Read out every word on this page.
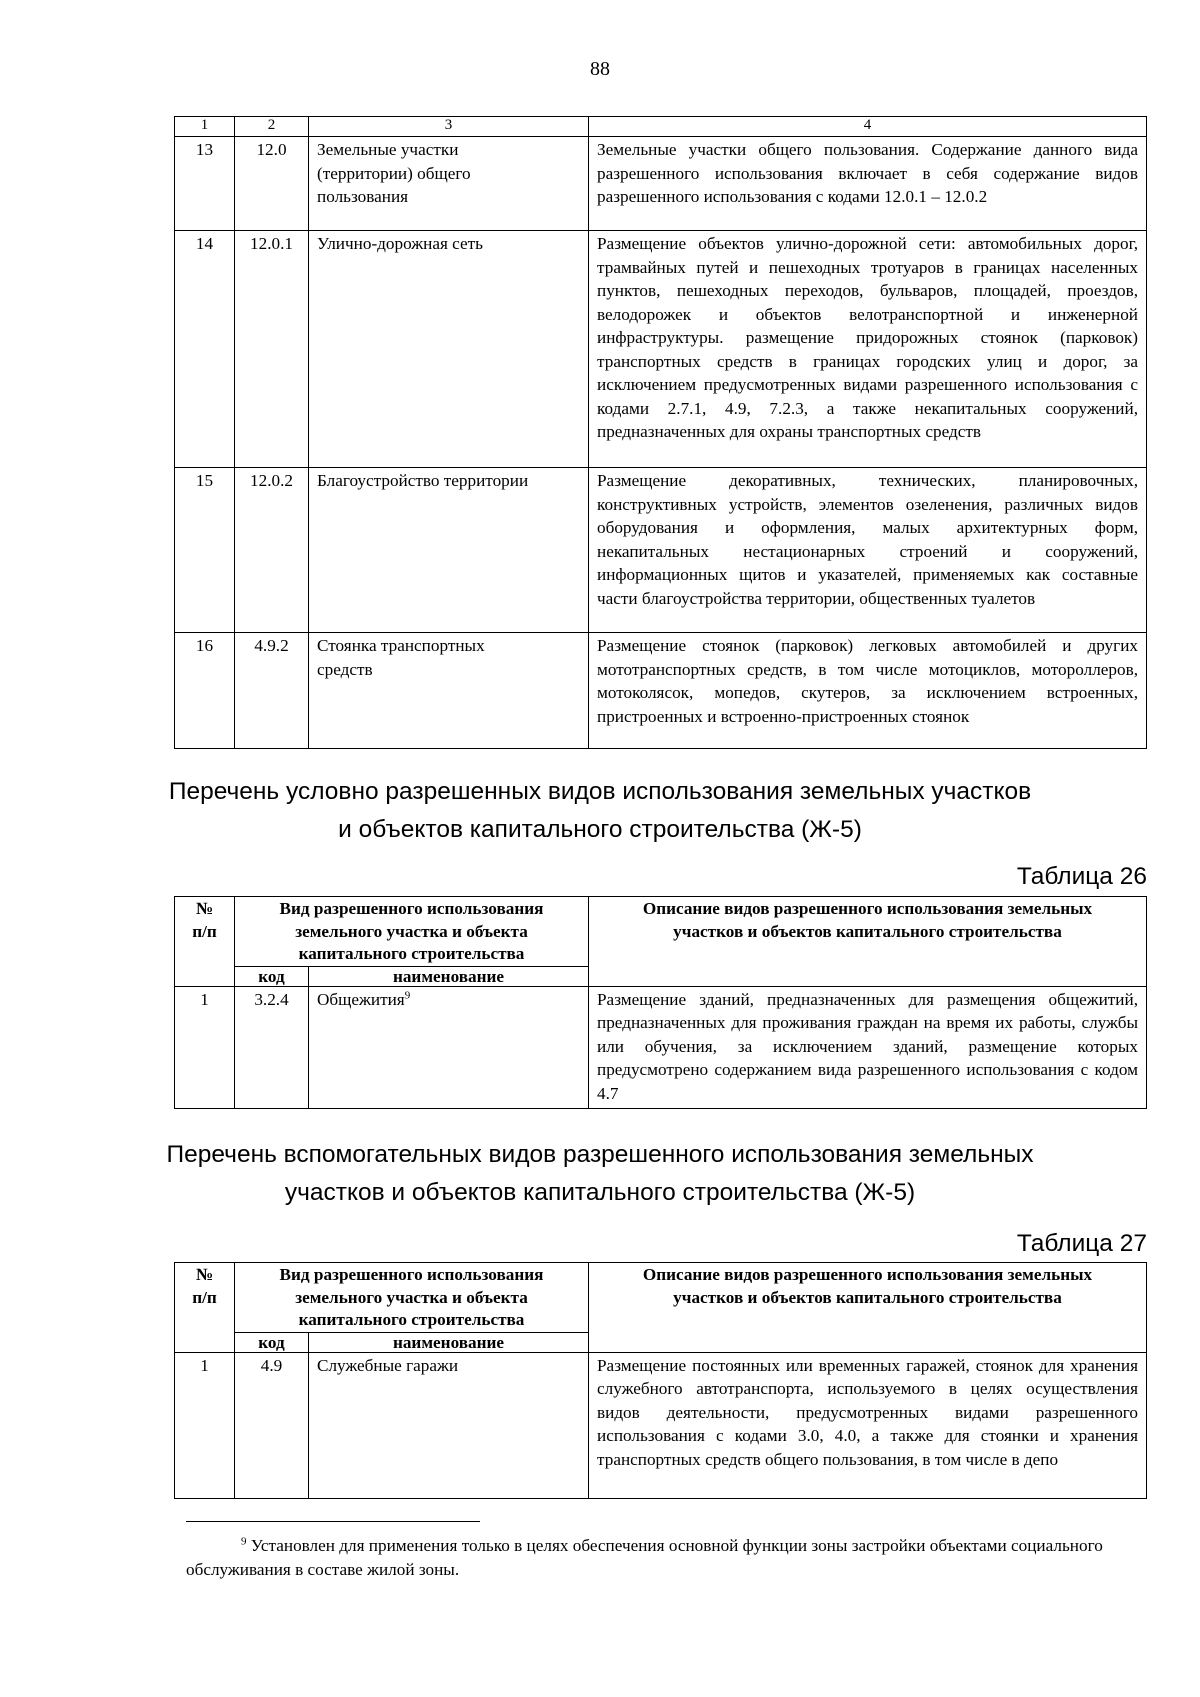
88
1	2	3	4
13	12.0	Земельные участки (территории) общего пользования	Земельные участки общего пользования. Содержание данного вида разрешенного использования включает в себя содержание видов разрешенного использования с кодами 12.0.1 – 12.0.2
14	12.0.1	Улично-дорожная сеть	Размещение объектов улично-дорожной сети: автомобильных дорог, трамвайных путей и пешеходных тротуаров в границах населенных пунктов, пешеходных переходов, бульваров, площадей, проездов, велодорожек и объектов велотранспортной и инженерной инфраструктуры. размещение придорожных стоянок (парковок) транспортных средств в границах городских улиц и дорог, за исключением предусмотренных видами разрешенного использования с кодами 2.7.1, 4.9, 7.2.3, а также некапитальных сооружений, предназначенных для охраны транспортных средств
15	12.0.2	Благоустройство территории	Размещение декоративных, технических, планировочных, конструктивных устройств, элементов озеленения, различных видов оборудования и оформления, малых архитектурных форм, некапитальных нестационарных строений и сооружений, информационных щитов и указателей, применяемых как составные части благоустройства территории, общественных туалетов
16	4.9.2	Стоянка транспортных средств	Размещение стоянок (парковок) легковых автомобилей и других мототранспортных средств, в том числе мотоциклов, мотороллеров, мотоколясок, мопедов, скутеров, за исключением встроенных, пристроенных и встроенно-пристроенных стоянок
Перечень условно разрешенных видов использования земельных участков
и объектов капитального строительства (Ж-5)
Таблица 26
№ п/п	Вид разрешенного использования земельного участка и объекта капитального строительства		Описание видов разрешенного использования земельных участков и объектов капитального строительства
	код	наименование	
1	3.2.4	Общежития$^9$	Размещение зданий, предназначенных для размещения общежитий, предназначенных для проживания граждан на время их работы, службы или обучения, за исключением зданий, размещение которых предусмотрено содержанием вида разрешенного использования с кодом 4.7
Перечень вспомогательных видов разрешенного использования земельных
участков и объектов капитального строительства (Ж-5)
Таблица 27
№ п/п	Вид разрешенного использования земельного участка и объекта капитального строительства		Описание видов разрешенного использования земельных участков и объектов капитального строительства
	код	наименование	
1	4.9	Служебные гаражи	Размещение постоянных или временных гаражей, стоянок для хранения служебного автотранспорта, используемого в целях осуществления видов деятельности, предусмотренных видами разрешенного использования с кодами 3.0, 4.0, а также для стоянки и хранения транспортных средств общего пользования, в том числе в депо
$^9$ Установлен для применения только в целях обеспечения основной функции зоны застройки объектами социального обслуживания в составе жилой зоны.
